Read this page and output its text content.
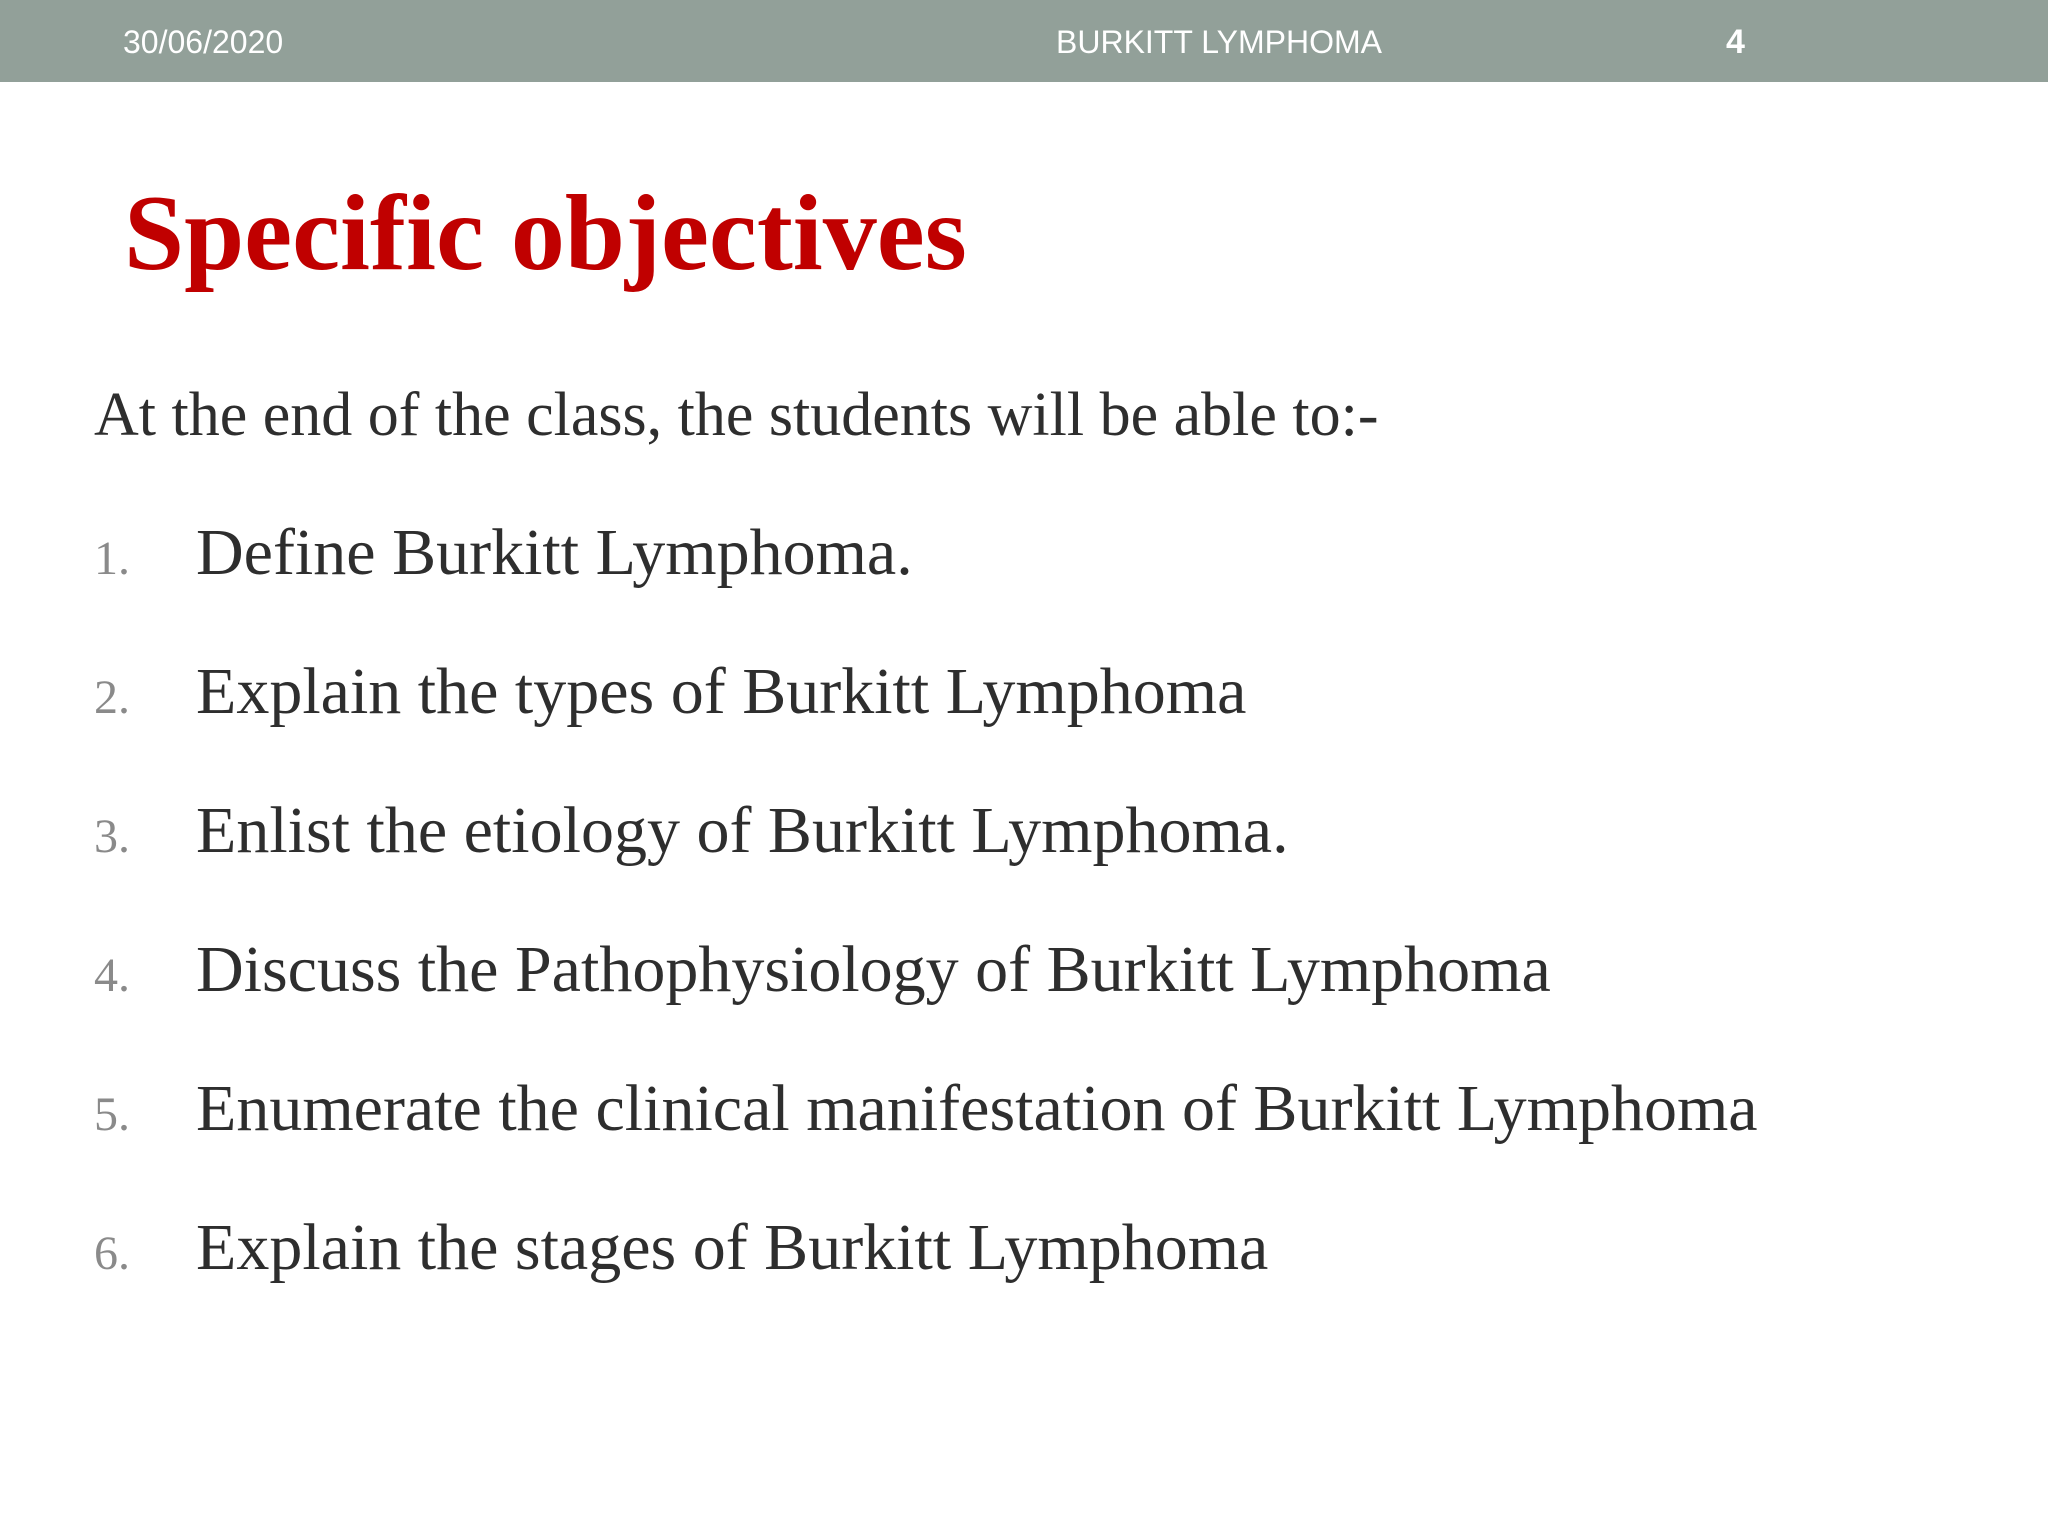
30/06/2020	BURKITT LYMPHOMA	4
Specific objectives
At the end of the class, the students will be able to:-
1.	Define Burkitt Lymphoma.
2.	Explain the types of Burkitt Lymphoma
3.	Enlist the etiology of Burkitt Lymphoma.
4.	Discuss the Pathophysiology of Burkitt Lymphoma
5.	Enumerate the clinical manifestation of Burkitt Lymphoma
6.	Explain the stages of Burkitt Lymphoma
